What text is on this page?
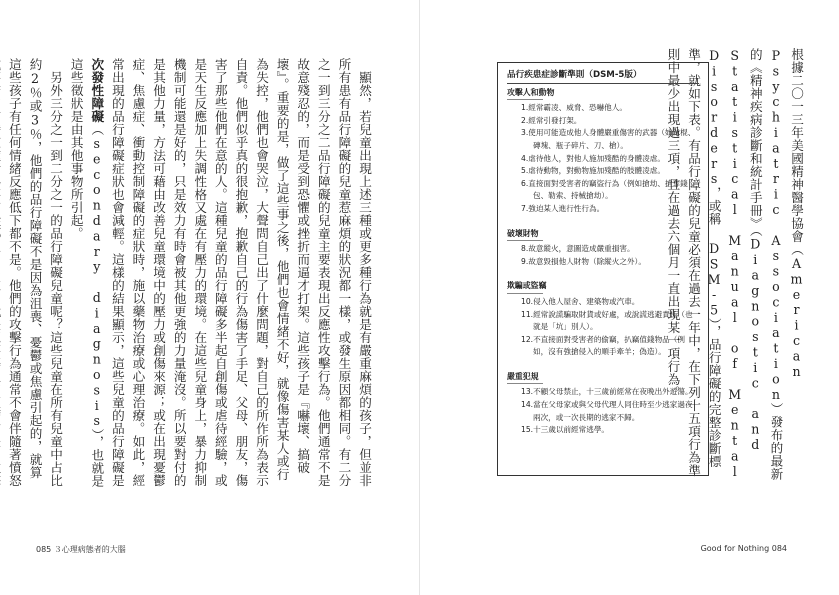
顯然，若兒童出現上述三種或更多種行為就是有嚴重麻煩的孩子，但並非所有患有品行障礙的兒童惹麻煩的狀況都一樣，或發生原因都相同。有二分之一到三分之二品行障礙的兒童主要表現出反應性攻擊行為。他們通常不是故意殘忍的，而是受到恐懼或挫折而逼才打架。這些孩子是『嚇壞、搞破壞』。重要的是，做了這些事之後，他們也會情緒不好，就像傷害某人或行為失控，他們也會哭泣，大聲問自己出了什麼問題，對自己的所作所為表示自責。他們似乎真的很抱歉，抱歉自己的行為傷害了手足、父母、朋友，傷害了那些他們在意的人。這種兒童的品行障礙多半起自創傷或虐待經驗，或是天生反應加上失調性格又處在有壓力的環境。在這些兒童身上，暴力抑制機制可能還是好的，只是效力有時會被其他更強的力量淹沒。所以要對付的是其他力量，方法可藉由改善兒童環境中的壓力或創傷來源；或在出現憂鬱症、焦慮症、衝動控制障礙的症狀時，施以藥物治療或心理治療。如此，經常出現的品行障礙症狀也會減輕。這樣的結果顯示，這些兒童的品行障礙是次發性障礙（secondary diagnosis），也就是這些徵狀是由其他事物所引起。

另外三分之一到二分之一的品行障礙兒童呢？這些兒童在所有兒童中占比約2％或3％，他們的品行障礙不是因為沮喪、憂鬱或焦慮引起的，就算這些孩子有任何情緒反應低下都不是。他們的攻擊行為通常不會伴隨著憤怒

根據二〇一三年美國精神醫學協會（American Psychiatric Association）發布的最新的《精神疾病診斷和統計手冊》（Diagnostic and Statistical Manual of Mental Disorders，或稱 DSM-5），品行障礙的完整診斷標準，就如下表。有品行障礙的兒童必須在過去一年中，在下列十五項行為準則中最少出現過三項，且在過去六個月一直出現某一項行為。

品行疾患症診斷準則（DSM-5版）
攻擊人和動物
1.經常霸凌、威脅、恐嚇他人。
2.經常引發打架。
3.使用可能造成他人身體嚴重傷害的武器（如球棍、磚塊、瓶子碎片、刀、槍）。
4.虐待他人，對他人施加殘酷的身體凌虐。
5.虐待動物，對動物施加殘酷的肢體凌虐。
6.直接面對受害者的竊盜行為（例如搶劫、搶奪錢包、勒索、持械搶劫）。
7.強迫某人進行性行為。
破壞財物
8.故意縱火，意圖造成嚴重損害。
9.故意毀損他人財物（除縱火之外）。
欺騙或盜竊
10.侵入他人屋舍、建築物或汽車。
11.經常說謊騙取財貨或好處，或說謊逃避責任（也就是「坑」別人）。
12.不直接面對受害者的偷竊，扒竊值錢物品（例如，沒有強搶侵入的順手牽羊；偽造）。
嚴重犯規
13.不顧父母禁止，十三歲前經常在夜晚出外遊蕩。
14.當在父母家或與父母代理人同住時至少逃家過夜兩次，或一次長期的逃家不歸。
15.十三歲以前經常逃學。
085 ３心理病態者的大腦	Good for Nothing 084
